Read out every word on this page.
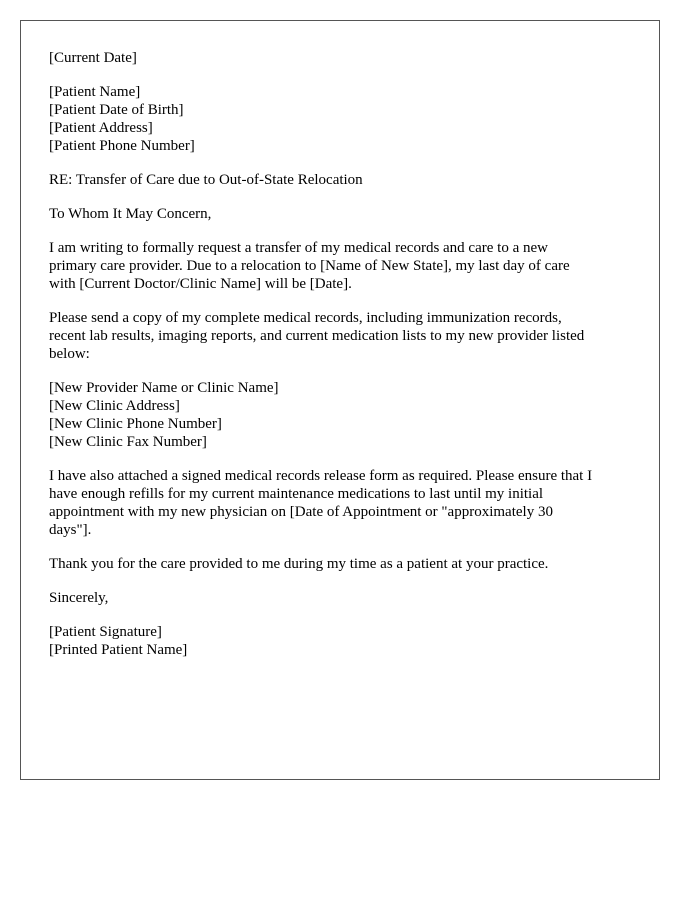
[Current Date]
[Patient Name]
[Patient Date of Birth]
[Patient Address]
[Patient Phone Number]
RE: Transfer of Care due to Out-of-State Relocation
To Whom It May Concern,
I am writing to formally request a transfer of my medical records and care to a new
primary care provider. Due to a relocation to [Name of New State], my last day of care
with [Current Doctor/Clinic Name] will be [Date].
Please send a copy of my complete medical records, including immunization records,
recent lab results, imaging reports, and current medication lists to my new provider listed
below:
[New Provider Name or Clinic Name]
[New Clinic Address]
[New Clinic Phone Number]
[New Clinic Fax Number]
I have also attached a signed medical records release form as required. Please ensure that I
have enough refills for my current maintenance medications to last until my initial
appointment with my new physician on [Date of Appointment or "approximately 30
days"].
Thank you for the care provided to me during my time as a patient at your practice.
Sincerely,
[Patient Signature]
[Printed Patient Name]
